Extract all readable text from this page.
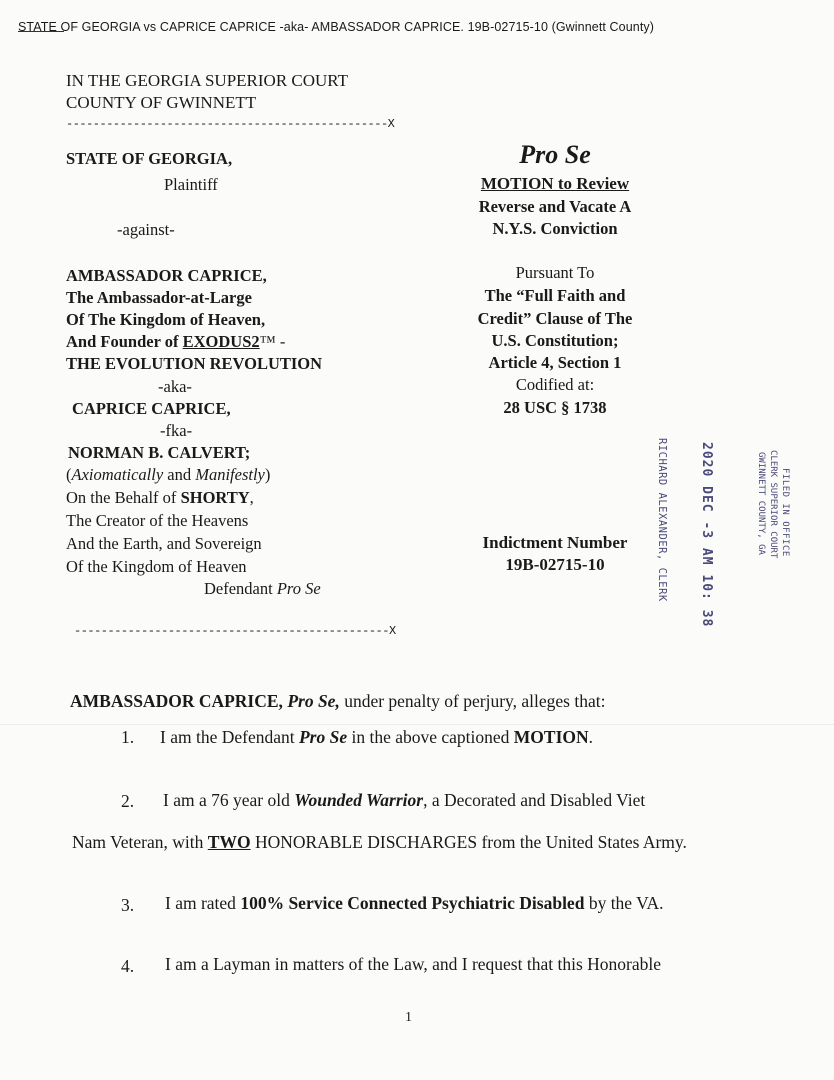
STATE OF GEORGIA vs CAPRICE CAPRICE -aka- AMBASSADOR CAPRICE. 19B-02715-10 (Gwinnett County)
IN THE GEORGIA SUPERIOR COURT
COUNTY OF GWINNETT
------------------------------------------------X
STATE OF GEORGIA,
Plaintiff
-against-
AMBASSADOR CAPRICE,
The Ambassador-at-Large
Of The Kingdom of Heaven,
And Founder of EXODUS2™ -
THE EVOLUTION REVOLUTION
-aka-
CAPRICE CAPRICE,
-fka-
NORMAN B. CALVERT;
(Axiomatically and Manifestly)
On the Behalf of SHORTY,
The Creator of the Heavens
And the Earth, and Sovereign
Of the Kingdom of Heaven
Defendant Pro Se
-----------------------------------------------X
Pro Se
MOTION to Review
Reverse and Vacate A
N.Y.S. Conviction
Pursuant To
The “Full Faith and
Credit” Clause of The
U.S. Constitution;
Article 4, Section 1
Codified at:
28 USC § 1738
Indictment Number
19B-02715-10
FILED IN OFFICE
CLERK SUPERIOR COURT
GWINNETT COUNTY, GA
2020 DEC -3 AM 10: 38
RICHARD ALEXANDER, CLERK
AMBASSADOR CAPRICE, Pro Se, under penalty of perjury, alleges that:
1. I am the Defendant Pro Se in the above captioned MOTION.
2. I am a 76 year old Wounded Warrior, a Decorated and Disabled Viet
Nam Veteran, with TWO HONORABLE DISCHARGES from the United States Army.
3. I am rated 100% Service Connected Psychiatric Disabled by the VA.
4. I am a Layman in matters of the Law, and I request that this Honorable
1
